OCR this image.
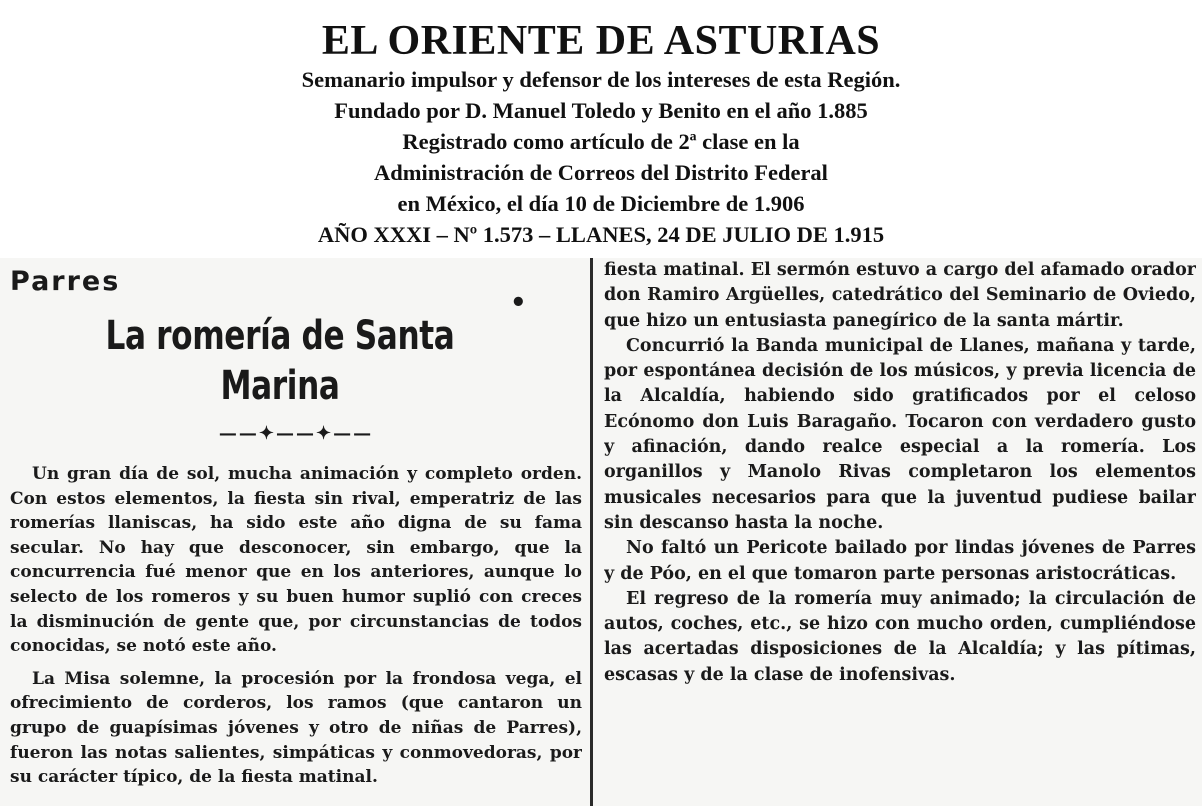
EL ORIENTE DE ASTURIAS
Semanario impulsor y defensor de los intereses de esta Región.
Fundado por D. Manuel Toledo y Benito en el año 1.885
Registrado como artículo de 2ª clase en la
Administración de Correos del Distrito Federal
en México, el día 10 de Diciembre de 1.906
AÑO XXXI – Nº 1.573 – LLANES, 24 DE JULIO DE 1.915
Parres
•
La romería de Santa Marina
——✦——✦——

Un gran día de sol, mucha animación y completo orden. Con estos elementos, la fiesta sin rival, emperatriz de las romerías llaniscas, ha sido este año digna de su fama secular. No hay que desconocer, sin embargo, que la concurrencia fué menor que en los anteriores, aunque lo selecto de los romeros y su buen humor suplió con creces la disminución de gente que, por circunstancias de todos conocidas, se notó este año.

La Misa solemne, la procesión por la frondosa vega, el ofrecimiento de corderos, los ramos (que cantaron un grupo de guapísimas jóvenes y otro de niñas de Parres), fueron las notas salientes, simpáticas y conmovedoras, por su carácter típico, de la fiesta matinal.

fiesta matinal. El sermón estuvo a cargo del afamado orador don Ramiro Argüelles, catedrático del Seminario de Oviedo, que hizo un entusiasta panegírico de la santa mártir.

Concurrió la Banda municipal de Llanes, mañana y tarde, por espontánea decisión de los músicos, y previa licencia de la Alcaldía, habiendo sido gratificados por el celoso Ecónomo don Luis Baragaño. Tocaron con verdadero gusto y afinación, dando realce especial a la romería. Los organillos y Manolo Rivas completaron los elementos musicales necesarios para que la juventud pudiese bailar sin descanso hasta la noche.

No faltó un Pericote bailado por lindas jóvenes de Parres y de Póo, en el que tomaron parte personas aristocráticas.

El regreso de la romería muy animado; la circulación de autos, coches, etc., se hizo con mucho orden, cumpliéndose las acertadas disposiciones de la Alcaldía; y las pítimas, escasas y de la clase de inofensivas.
